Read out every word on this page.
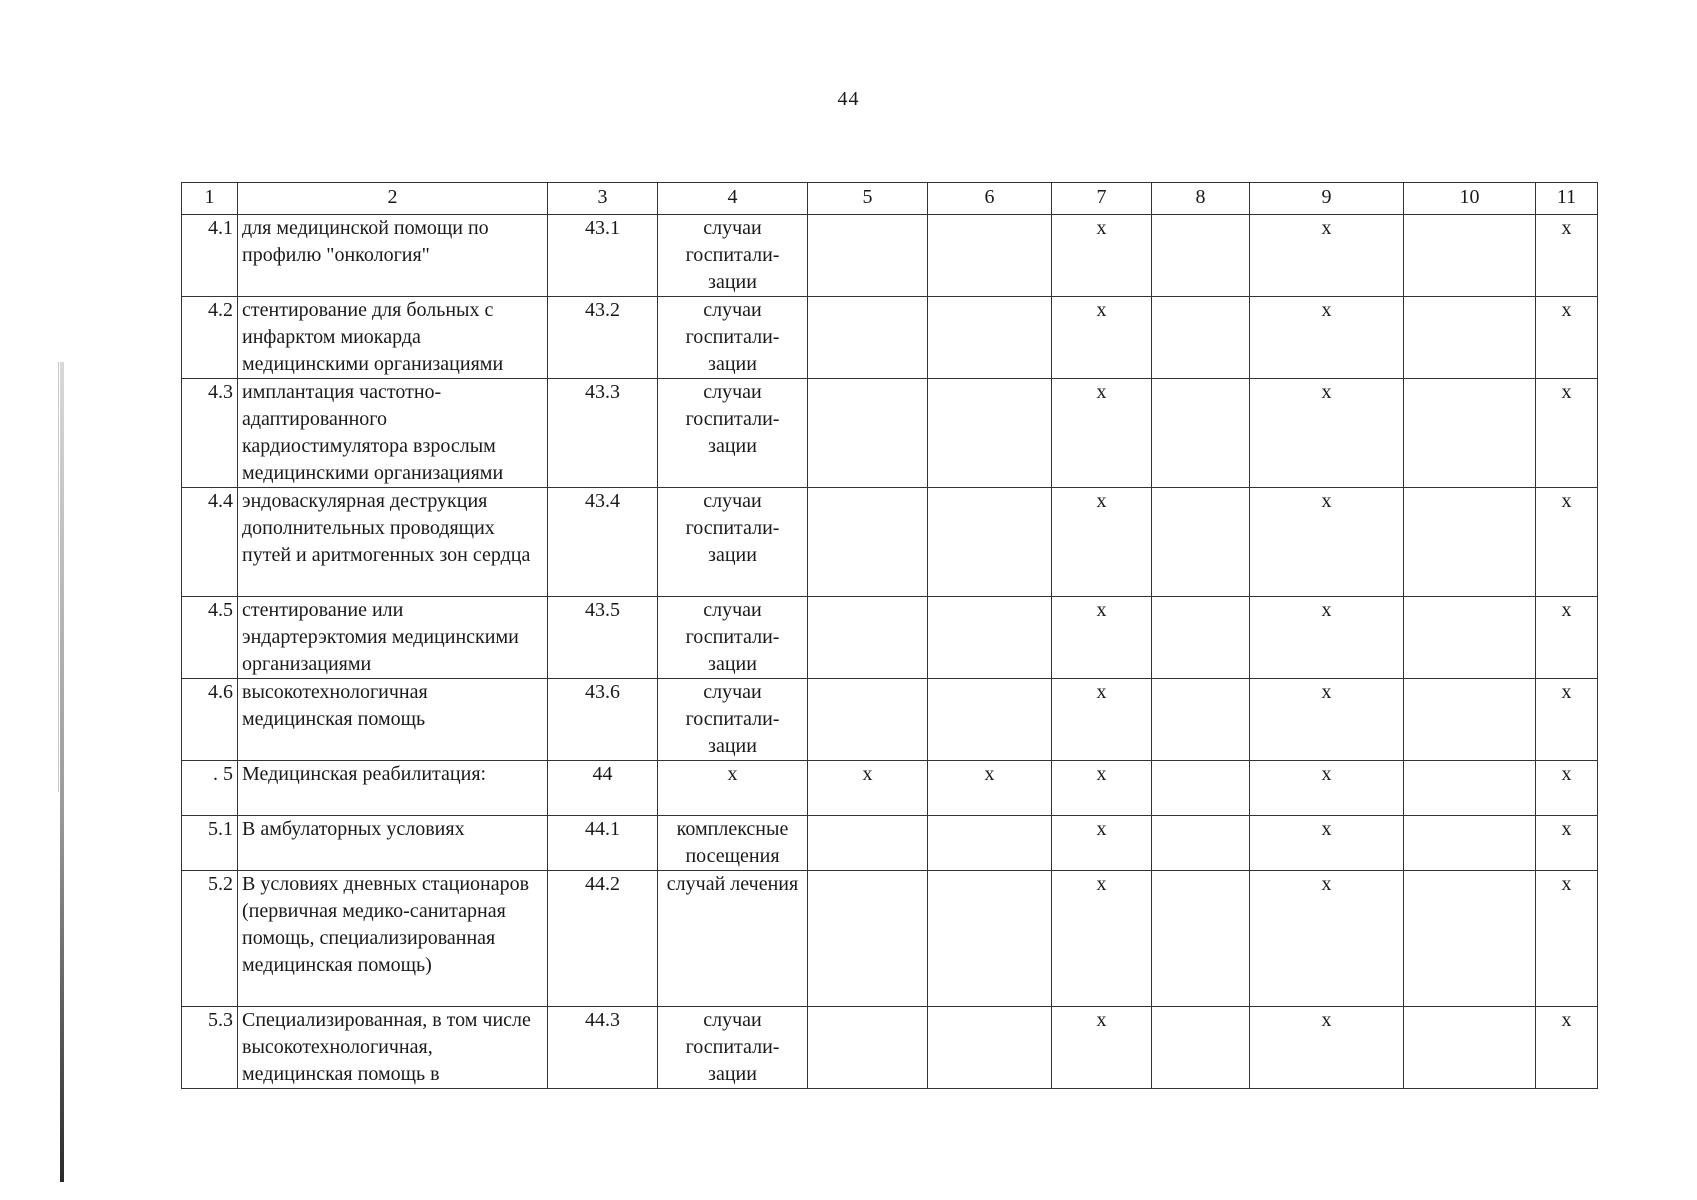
44
1	2	3	4	5	6	7	8	9	10	11
4.1	для медицинской помощи по профилю "онкология"	43.1	случаи госпитали-зации			х		х		х
4.2	стентирование для больных с инфарктом миокарда медицинскими организациями	43.2	случаи госпитали-зации			х		х		х
4.3	имплантация частотно-адаптированного кардиостимулятора взрослым медицинскими организациями	43.3	случаи госпитали-зации			х		х		х
4.4	эндоваскулярная деструкция дополнительных проводящих путей и аритмогенных зон сердца	43.4	случаи госпитали-зации			х		х		х
4.5	стентирование или эндартерэктомия медицинскими организациями	43.5	случаи госпитали-зации			х		х		х
4.6	высокотехнологичная медицинская помощь	43.6	случаи госпитали-зации			х		х		х
. 5	Медицинская реабилитация:	44	х	х	х	х		х		х
5.1	В амбулаторных условиях	44.1	комплексные посещения			х		х		х
5.2	В условиях дневных стационаров (первичная медико-санитарная помощь, специализированная медицинская помощь)	44.2	случай лечения			х		х		х
5.3	Специализированная, в том числе высокотехнологичная, медицинская помощь в	44.3	случаи госпитали-зации			х		х		х
